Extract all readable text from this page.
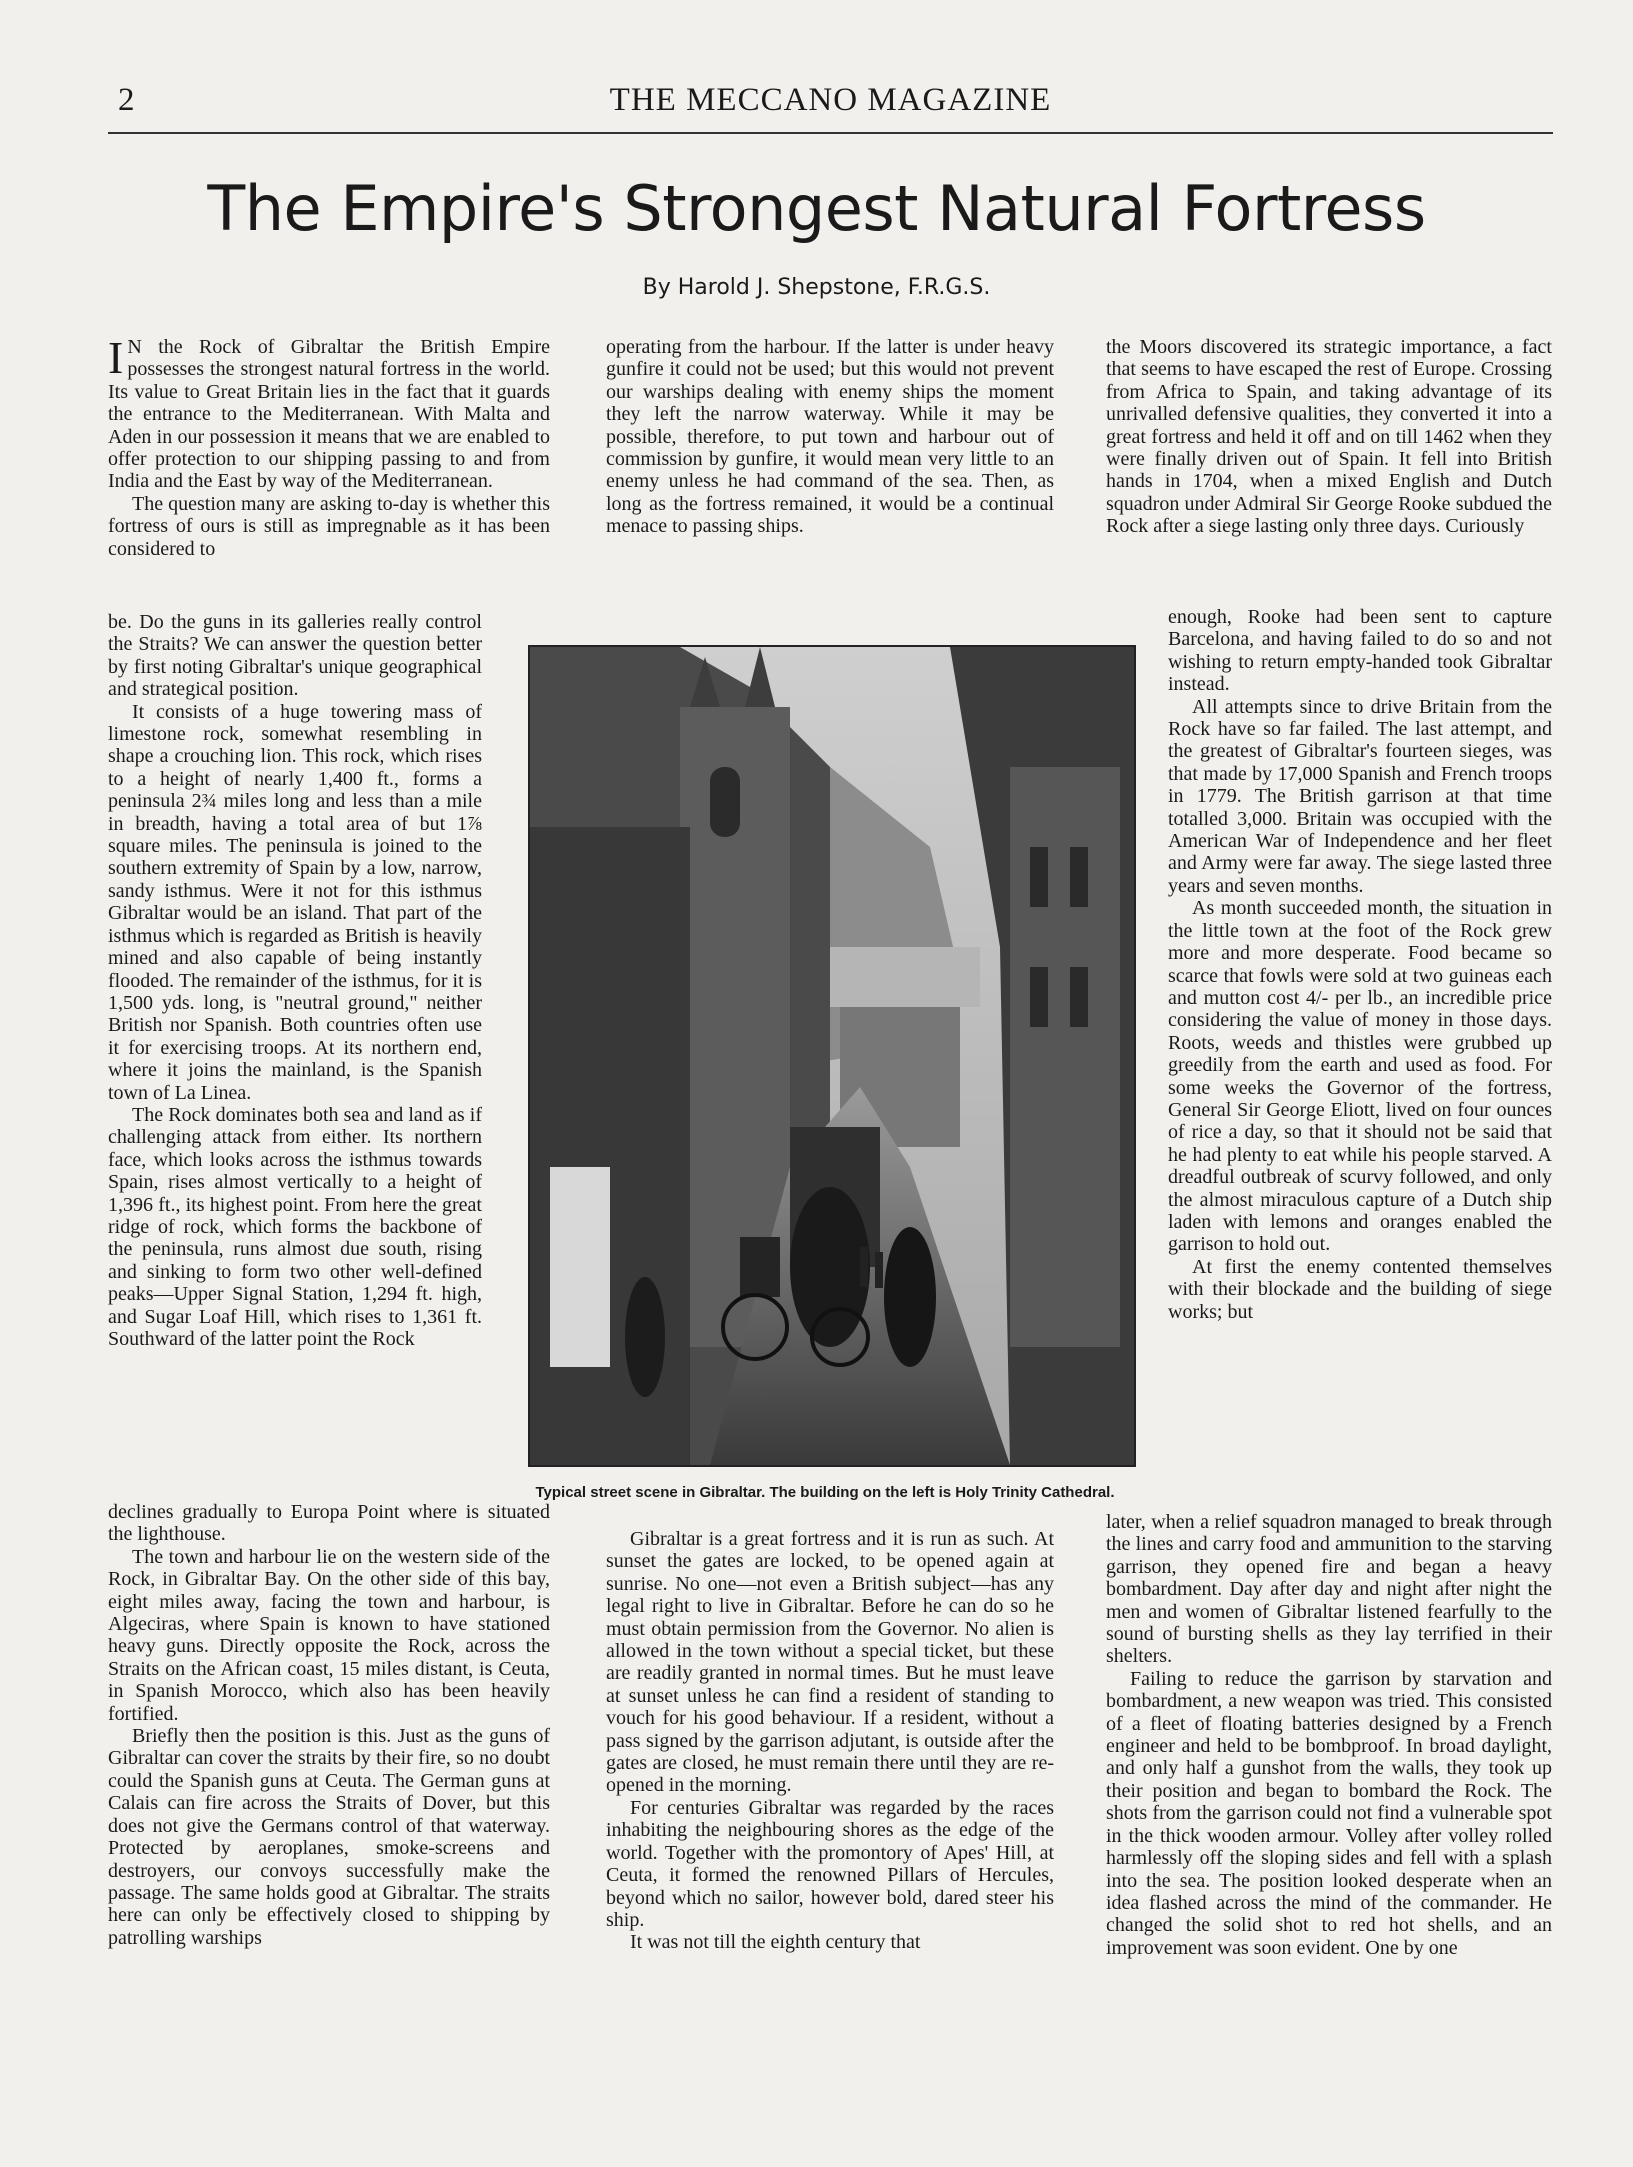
2	THE MECCANO MAGAZINE
The Empire's Strongest Natural Fortress
By Harold J. Shepstone, F.R.G.S.

I N the Rock of Gibraltar the British Empire possesses the strongest natural fortress in the world. Its value to Great Britain lies in the fact that it guards the entrance to the Mediterranean. With Malta and Aden in our possession it means that we are enabled to offer protection to our shipping passing to and from India and the East by way of the Mediterranean.

The question many are asking to-day is whether this fortress of ours is still as impregnable as it has been considered to

be. Do the guns in its galleries really control the Straits? We can answer the question better by first noting Gibraltar's unique geographical and strategical position.

It consists of a huge towering mass of limestone rock, somewhat resembling in shape a crouching lion. This rock, which rises to a height of nearly 1,400 ft., forms a peninsula 2¾ miles long and less than a mile in breadth, having a total area of but 1⅞ square miles. The peninsula is joined to the southern extremity of Spain by a low, narrow, sandy isthmus. Were it not for this isthmus Gibraltar would be an island. That part of the isthmus which is regarded as British is heavily mined and also capable of being instantly flooded. The remainder of the isthmus, for it is 1,500 yds. long, is "neutral ground," neither British nor Spanish. Both countries often use it for exercising troops. At its northern end, where it joins the mainland, is the Spanish town of La Linea.

The Rock dominates both sea and land as if challenging attack from either. Its northern face, which looks across the isthmus towards Spain, rises almost vertically to a height of 1,396 ft., its highest point. From here the great ridge of rock, which forms the backbone of the peninsula, runs almost due south, rising and sinking to form two other well-defined peaks—Upper Signal Station, 1,294 ft. high, and Sugar Loaf Hill, which rises to 1,361 ft. Southward of the latter point the Rock

declines gradually to Europa Point where is situated the lighthouse.

The town and harbour lie on the western side of the Rock, in Gibraltar Bay. On the other side of this bay, eight miles away, facing the town and harbour, is Algeciras, where Spain is known to have stationed heavy guns. Directly opposite the Rock, across the Straits on the African coast, 15 miles distant, is Ceuta, in Spanish Morocco, which also has been heavily fortified.

Briefly then the position is this. Just as the guns of Gibraltar can cover the straits by their fire, so no doubt could the Spanish guns at Ceuta. The German guns at Calais can fire across the Straits of Dover, but this does not give the Germans control of that waterway. Protected by aeroplanes, smoke-screens and destroyers, our convoys successfully make the passage. The same holds good at Gibraltar. The straits here can only be effectively closed to shipping by patrolling warships

operating from the harbour. If the latter is under heavy gunfire it could not be used; but this would not prevent our warships dealing with enemy ships the moment they left the narrow waterway. While it may be possible, therefore, to put town and harbour out of commission by gunfire, it would mean very little to an enemy unless he had command of the sea. Then, as long as the fortress remained, it would be a continual menace to passing ships.

Typical street scene in Gibraltar. The building on the left is Holy Trinity Cathedral.

Gibraltar is a great fortress and it is run as such. At sunset the gates are locked, to be opened again at sunrise. No one—not even a British subject—has any legal right to live in Gibraltar. Before he can do so he must obtain permission from the Governor. No alien is allowed in the town without a special ticket, but these are readily granted in normal times. But he must leave at sunset unless he can find a resident of standing to vouch for his good behaviour. If a resident, without a pass signed by the garrison adjutant, is outside after the gates are closed, he must remain there until they are re-opened in the morning.

For centuries Gibraltar was regarded by the races inhabiting the neighbouring shores as the edge of the world. Together with the promontory of Apes' Hill, at Ceuta, it formed the renowned Pillars of Hercules, beyond which no sailor, however bold, dared steer his ship.

It was not till the eighth century that

the Moors discovered its strategic importance, a fact that seems to have escaped the rest of Europe. Crossing from Africa to Spain, and taking advantage of its unrivalled defensive qualities, they converted it into a great fortress and held it off and on till 1462 when they were finally driven out of Spain. It fell into British hands in 1704, when a mixed English and Dutch squadron under Admiral Sir George Rooke subdued the Rock after a siege lasting only three days. Curiously

enough, Rooke had been sent to capture Barcelona, and having failed to do so and not wishing to return empty-handed took Gibraltar instead.

All attempts since to drive Britain from the Rock have so far failed. The last attempt, and the greatest of Gibraltar's fourteen sieges, was that made by 17,000 Spanish and French troops in 1779. The British garrison at that time totalled 3,000. Britain was occupied with the American War of Independence and her fleet and Army were far away. The siege lasted three years and seven months.

As month succeeded month, the situation in the little town at the foot of the Rock grew more and more desperate. Food became so scarce that fowls were sold at two guineas each and mutton cost 4/- per lb., an incredible price considering the value of money in those days. Roots, weeds and thistles were grubbed up greedily from the earth and used as food. For some weeks the Governor of the fortress, General Sir George Eliott, lived on four ounces of rice a day, so that it should not be said that he had plenty to eat while his people starved. A dreadful outbreak of scurvy followed, and only the almost miraculous capture of a Dutch ship laden with lemons and oranges enabled the garrison to hold out.

At first the enemy contented themselves with their blockade and the building of siege works; but

later, when a relief squadron managed to break through the lines and carry food and ammunition to the starving garrison, they opened fire and began a heavy bombardment. Day after day and night after night the men and women of Gibraltar listened fearfully to the sound of bursting shells as they lay terrified in their shelters.

Failing to reduce the garrison by starvation and bombardment, a new weapon was tried. This consisted of a fleet of floating batteries designed by a French engineer and held to be bombproof. In broad daylight, and only half a gunshot from the walls, they took up their position and began to bombard the Rock. The shots from the garrison could not find a vulnerable spot in the thick wooden armour. Volley after volley rolled harmlessly off the sloping sides and fell with a splash into the sea. The position looked desperate when an idea flashed across the mind of the commander. He changed the solid shot to red hot shells, and an improvement was soon evident. One by one
